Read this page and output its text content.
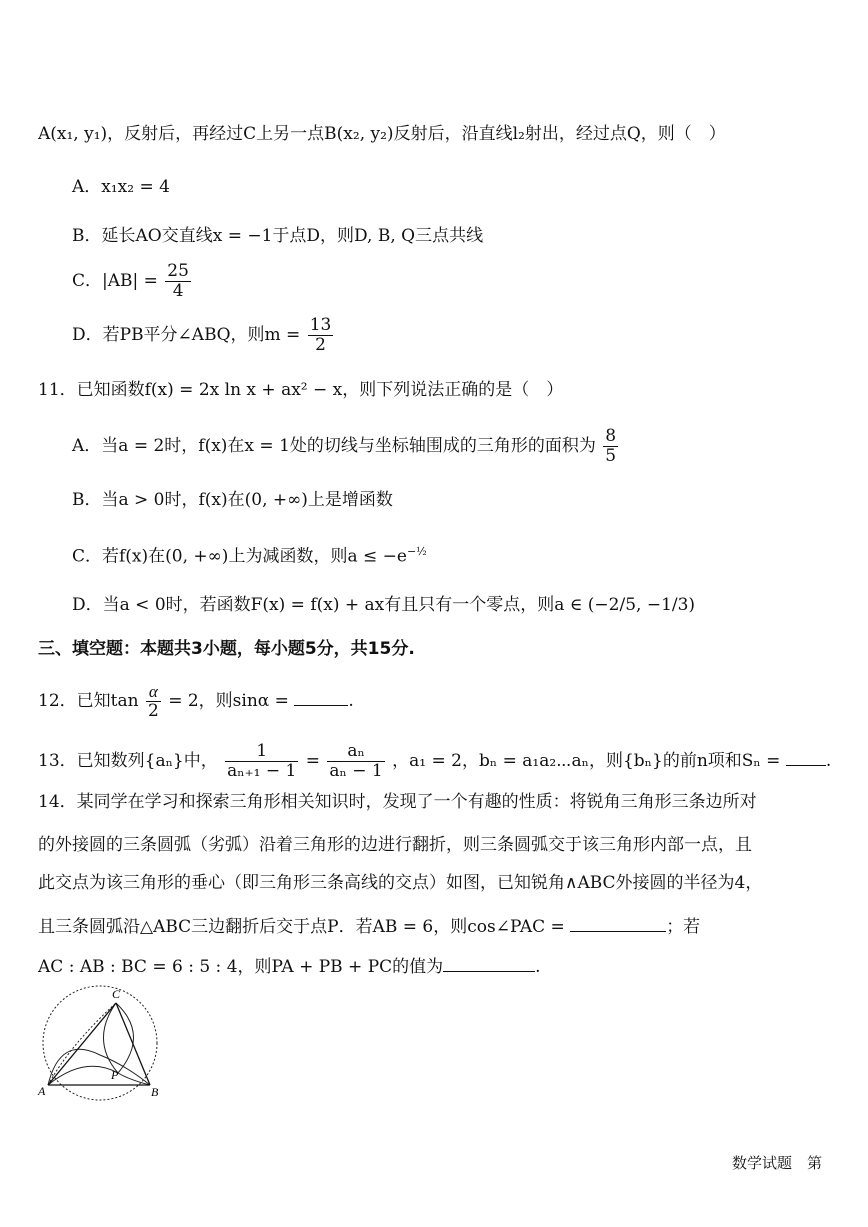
A(x₁, y₁)，反射后，再经过C上另一点B(x₂, y₂)反射后，沿直线l₂射出，经过点Q，则（　）
A．x₁x₂ = 4
B．延长AO交直线x = −1于点D，则D, B, Q三点共线
C．$|AB| = \frac{25}{4}$
D．若PB平分∠ABQ，则$m = \frac{13}{2}$
11．已知函数f(x) = 2x ln x + ax² − x，则下列说法正确的是（　）
A．当a = 2时，f(x)在x = 1处的切线与坐标轴围成的三角形的面积为 $\frac{8}{5}$
B．当a > 0时，f(x)在(0, +∞)上是增函数
C．若f(x)在(0, +∞)上为减函数，则$a \le -e^{-\frac{1}{2}}$
D．当a < 0时，若函数F(x) = f(x) + ax有且只有一个零点，则a ∈ (−2/5, −1/3)
三、填空题：本题共3小题，每小题5分，共15分.
12．已知$\tan \frac{\alpha}{2} = 2$，则sinα =	.
13．已知数列{aₙ}中， $\frac{1}{\text{aₙ₊₁ − 1}} = \frac{\text{aₙ}}{\text{aₙ − 1}}$ ，a₁ = 2，bₙ = a₁a₂⋯aₙ，则{bₙ}的前n项和Sₙ = .
14．某同学在学习和探索三角形相关知识时，发现了一个有趣的性质：将锐角三角形三条边所对
的外接圆的三条圆弧（劣弧）沿着三角形的边进行翻折，则三条圆弧交于该三角形内部一点，且
此交点为该三角形的垂心（即三角形三条高线的交点）如图，已知锐角∧ABC外接圆的半径为4，
且三条圆弧沿△ABC三边翻折后交于点P．若AB = 6，则cos∠PAC =	；若
AC : AB : BC = 6 : 5 : 4，则PA + PB + PC的值为	.
A	B
C
P
数学试题　第
